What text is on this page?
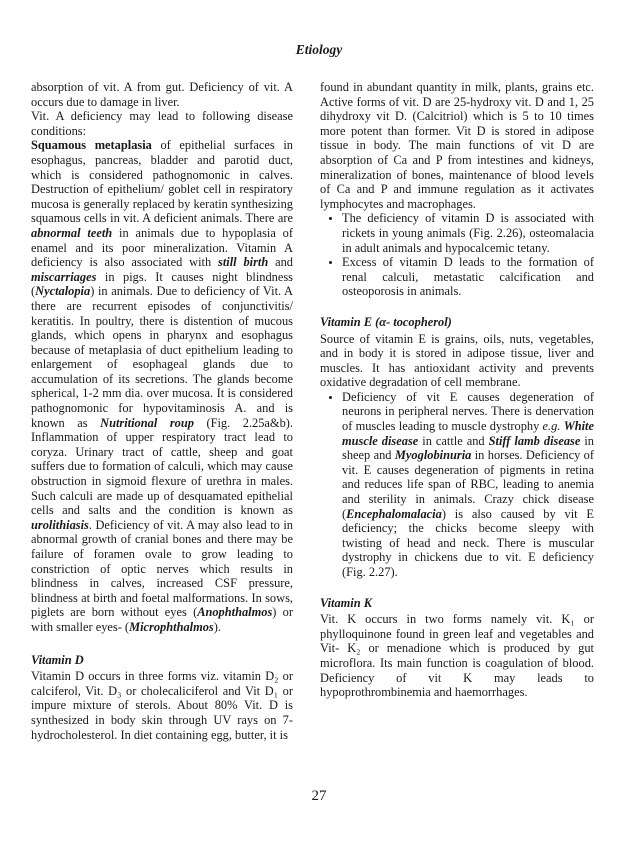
Etiology

absorption of vit. A from gut. Deficiency of vit. A occurs due to damage in liver.

Vit. A deficiency may lead to following disease conditions:

Squamous metaplasia of epithelial surfaces in esophagus, pancreas, bladder and parotid duct, which is considered pathognomonic in calves. Destruction of epithelium/ goblet cell in respiratory mucosa is generally replaced by keratin synthesizing squamous cells in vit. A deficient animals. There are abnormal teeth in animals due to hypoplasia of enamel and its poor mineralization. Vitamin A deficiency is also associated with still birth and miscarriages in pigs. It causes night blindness (Nyctalopia) in animals. Due to deficiency of Vit. A there are recurrent episodes of conjunctivitis/ keratitis. In poultry, there is distention of mucous glands, which opens in pharynx and esophagus because of metaplasia of duct epithelium leading to enlargement of esophageal glands due to accumulation of its secretions. The glands become spherical, 1-2 mm dia. over mucosa. It is considered pathognomonic for hypovitaminosis A. and is known as Nutritional roup (Fig. 2.25a&b). Inflammation of upper respiratory tract lead to coryza. Urinary tract of cattle, sheep and goat suffers due to formation of calculi, which may cause obstruction in sigmoid flexure of urethra in males. Such calculi are made up of desquamated epithelial cells and salts and the condition is known as urolithiasis. Deficiency of vit. A may also lead to in abnormal growth of cranial bones and there may be failure of foramen ovale to grow leading to constriction of optic nerves which results in blindness in calves, increased CSF pressure, blindness at birth and foetal malformations. In sows, piglets are born without eyes (Anophthalmos) or with smaller eyes- (Microphthalmos).

Vitamin D

Vitamin D occurs in three forms viz. vitamin D₂ or calciferol, Vit. D₃ or cholecaliciferol and Vit D₁ or impure mixture of sterols. About 80% Vit. D is synthesized in body skin through UV rays on 7-hydrocholesterol. In diet containing egg, butter, it is

found in abundant quantity in milk, plants, grains etc. Active forms of vit. D are 25-hydroxy vit. D and 1, 25 dihydroxy vit D. (Calcitriol) which is 5 to 10 times more potent than former. Vit D is stored in adipose tissue in body. The main functions of vit D are absorption of Ca and P from intestines and kidneys, mineralization of bones, maintenance of blood levels of Ca and P and immune regulation as it activates lymphocytes and macrophages.

• The deficiency of vitamin D is associated with rickets in young animals (Fig. 2.26), osteomalacia in adult animals and hypocalcemic tetany.
• Excess of vitamin D leads to the formation of renal calculi, metastatic calcification and osteoporosis in animals.

Vitamin E (α- tocopherol)

Source of vitamin E is grains, oils, nuts, vegetables, and in body it is stored in adipose tissue, liver and muscles. It has antioxidant activity and prevents oxidative degradation of cell membrane.

• Deficiency of vit E causes degeneration of neurons in peripheral nerves. There is denervation of muscles leading to muscle dystrophy e.g. White muscle disease in cattle and Stiff lamb disease in sheep and Myoglobinuria in horses. Deficiency of vit. E causes degeneration of pigments in retina and reduces life span of RBC, leading to anemia and sterility in animals. Crazy chick disease (Encephalomalacia) is also caused by vit E deficiency; the chicks become sleepy with twisting of head and neck. There is muscular dystrophy in chickens due to vit. E deficiency (Fig. 2.27).

Vitamin K

Vit. K occurs in two forms namely vit. K₁ or phylloquinone found in green leaf and vegetables and Vit- K₂ or menadione which is produced by gut microflora. Its main function is coagulation of blood. Deficiency of vit K may leads to hypoprothrombinemia and haemorrhages.

27
